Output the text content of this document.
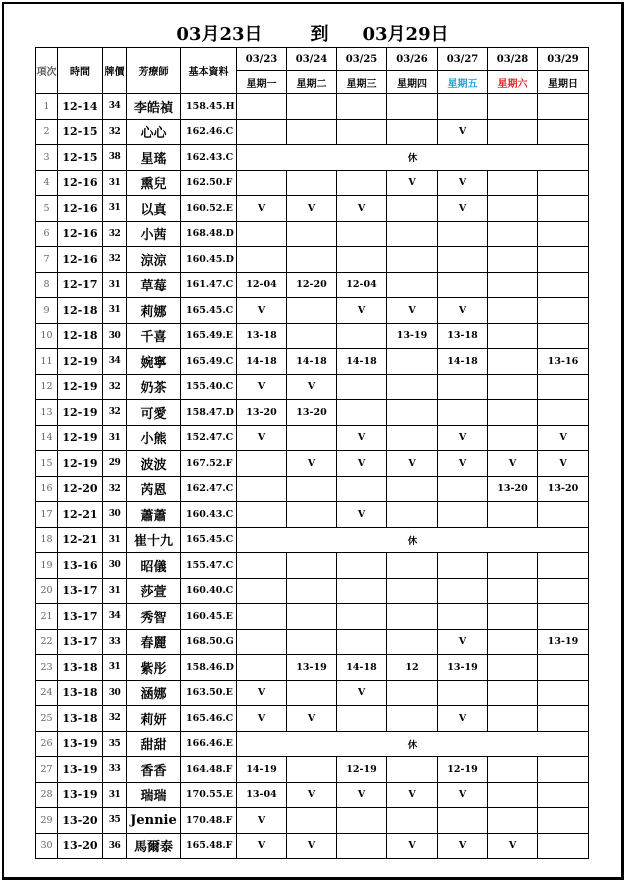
03月23日	到 03月29日
項次	時間	牌價	芳療師	基本資料	03/23	03/24	03/25	03/26	03/27	03/28	03/29
					星期一	星期二	星期三	星期四	星期五	星期六	星期日
1	12-14	34	李皓禎	158.45.H							
2	12-15	32	心心	162.46.C					V		
3	12-15	38	星瑤	162.43.C	休						
4	12-16	31	熏兒	162.50.F				V	V		
5	12-16	31	以真	160.52.E	V	V	V		V		
6	12-16	32	小茜	168.48.D							
7	12-16	32	涼涼	160.45.D							
8	12-17	31	草莓	161.47.C	12-04	12-20	12-04				
9	12-18	31	莉娜	165.45.C	V		V	V	V		
10	12-18	30	千喜	165.49.E	13-18			13-19	13-18		
11	12-19	34	婉寧	165.49.C	14-18	14-18	14-18		14-18		13-16
12	12-19	32	奶茶	155.40.C	V	V					
13	12-19	32	可愛	158.47.D	13-20	13-20					
14	12-19	31	小熊	152.47.C	V		V		V		V
15	12-19	29	波波	167.52.F		V	V	V	V	V	V
16	12-20	32	芮恩	162.47.C						13-20	13-20
17	12-21	30	蕭蕭	160.43.C			V				
18	12-21	31	崔十九	165.45.C	休						
19	13-16	30	昭儀	155.47.C							
20	13-17	31	莎萱	160.40.C							
21	13-17	34	秀智	160.45.E							
22	13-17	33	春麗	168.50.G					V		13-19
23	13-18	31	紫彤	158.46.D		13-19	14-18	12	13-19		
24	13-18	30	涵娜	163.50.E	V		V				
25	13-18	32	莉妍	165.46.C	V	V			V		
26	13-19	35	甜甜	166.46.E	休						
27	13-19	33	香香	164.48.F	14-19		12-19		12-19		
28	13-19	31	瑞瑞	170.55.E	13-04	V	V	V	V		
29	13-20	35	Jennie	170.48.F	V						
30	13-20	36	馬爾泰	165.48.F	V	V		V	V	V	
